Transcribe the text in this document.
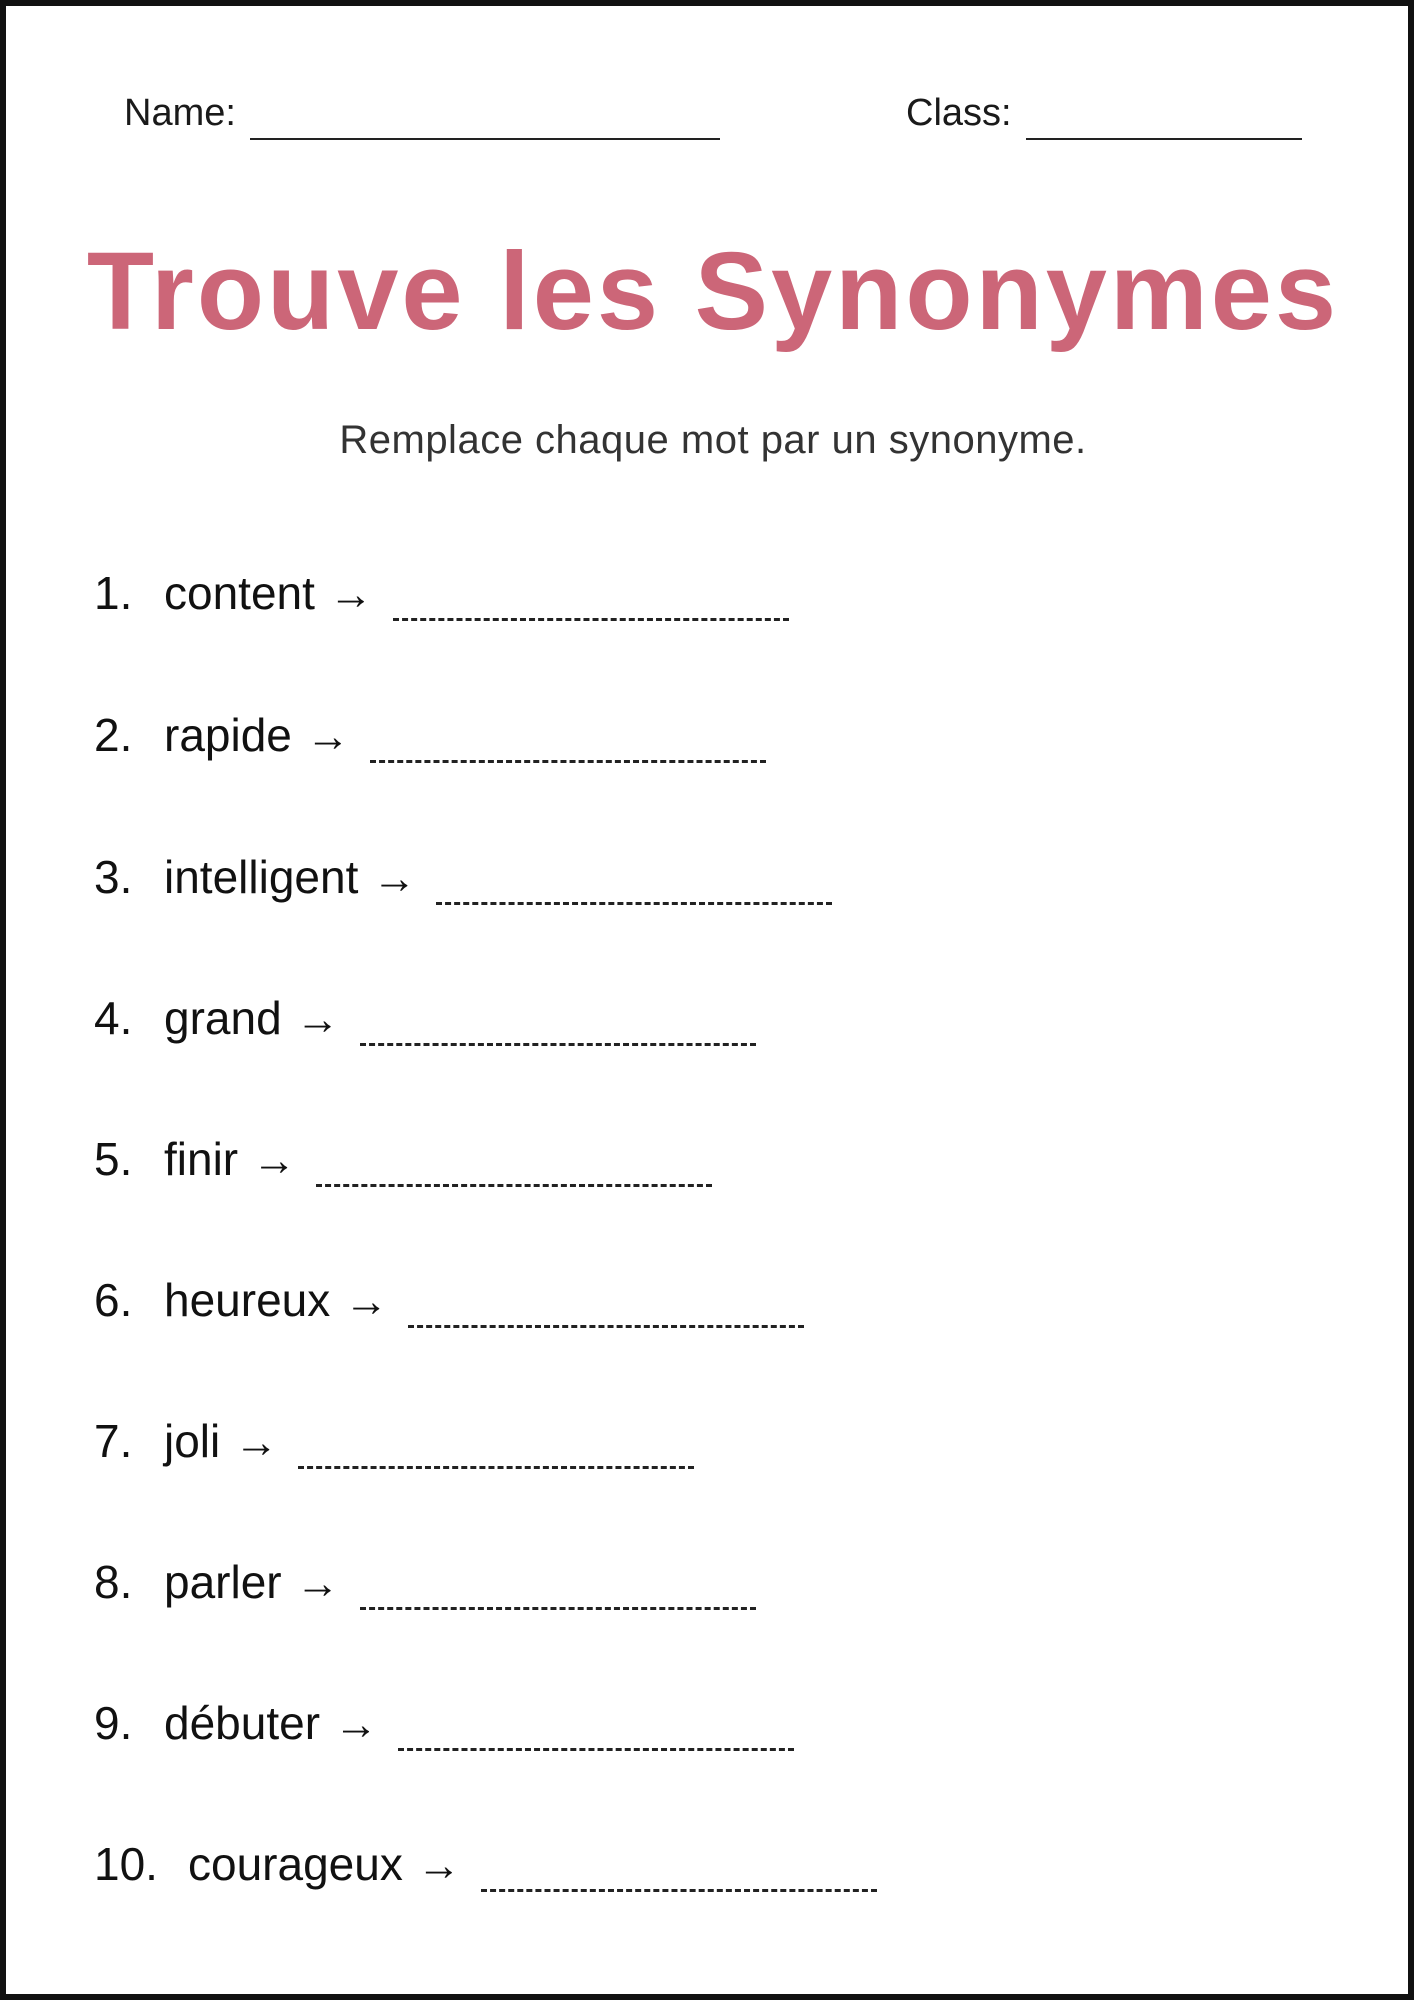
Name:	Class:
Trouve les Synonymes
Remplace chaque mot par un synonyme.
1. content →
2. rapide →
3. intelligent →
4. grand →
5. finir →
6. heureux →
7. joli →
8. parler →
9. débuter →
10. courageux →
